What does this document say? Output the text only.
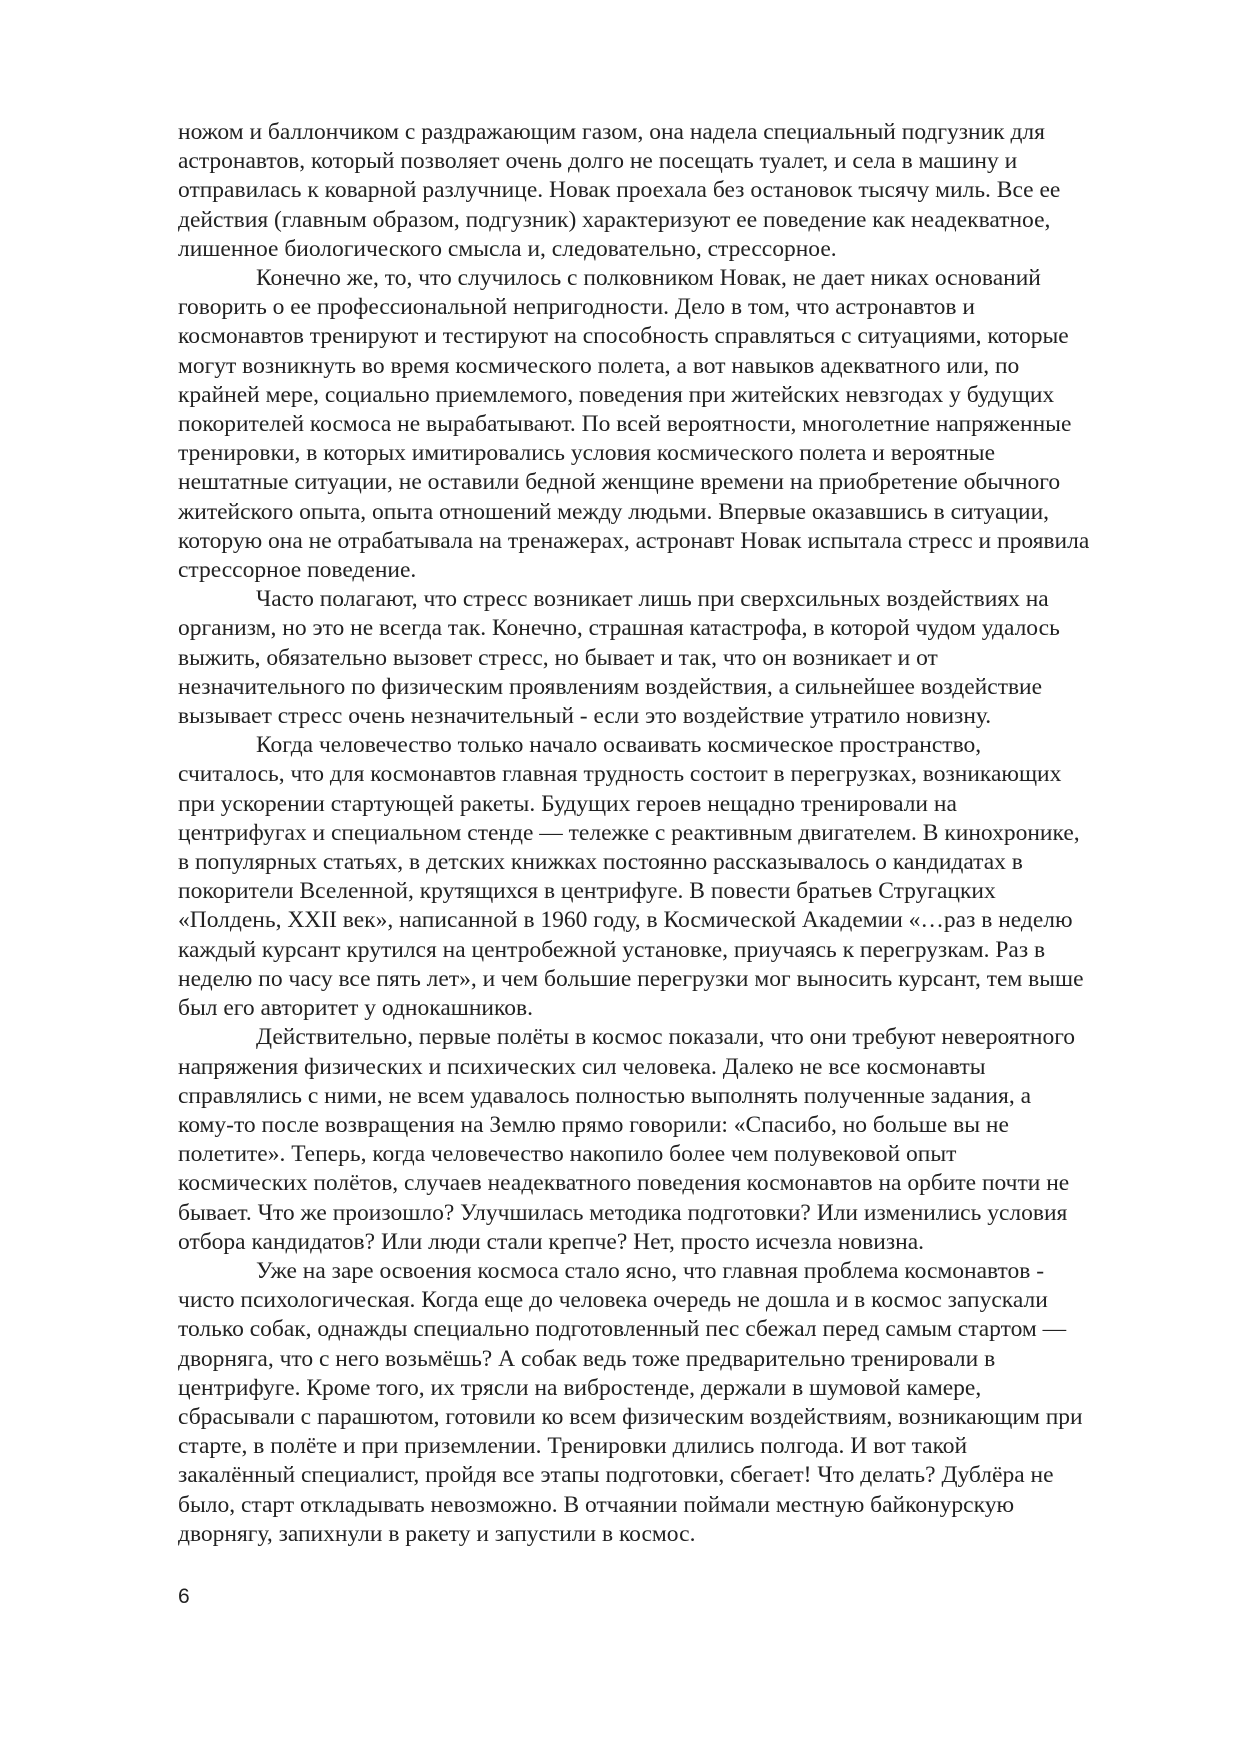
ножом и баллончиком с раздражающим газом, она надела специальный подгузник для
астронавтов, который позволяет очень долго не посещать туалет, и села в машину и
отправилась к коварной разлучнице. Новак проехала без остановок тысячу миль. Все ее
действия (главным образом, подгузник) характеризуют ее поведение как неадекватное,
лишенное биологического смысла и, следовательно, стрессорное.
Конечно же, то, что случилось с полковником Новак, не дает никах оснований
говорить о ее профессиональной непригодности. Дело в том, что астронавтов и
космонавтов тренируют и тестируют на способность справляться с ситуациями, которые
могут возникнуть во время космического полета, а вот навыков адекватного или, по
крайней мере, социально приемлемого, поведения при житейских невзгодах у будущих
покорителей космоса не вырабатывают. По всей вероятности, многолетние напряженные
тренировки, в которых имитировались условия космического полета и вероятные
нештатные ситуации, не оставили бедной женщине времени на приобретение обычного
житейского опыта, опыта отношений между людьми. Впервые оказавшись в ситуации,
которую она не отрабатывала на тренажерах, астронавт Новак испытала стресс и проявила
стрессорное поведение.
Часто полагают, что стресс возникает лишь при сверхсильных воздействиях на
организм, но это не всегда так. Конечно, страшная катастрофа, в которой чудом удалось
выжить, обязательно вызовет стресс, но бывает и так, что он возникает и от
незначительного по физическим проявлениям воздействия, а сильнейшее воздействие
вызывает стресс очень незначительный - если это воздействие утратило новизну.
Когда человечество только начало осваивать космическое пространство,
считалось, что для космонавтов главная трудность состоит в перегрузках, возникающих
при ускорении стартующей ракеты. Будущих героев нещадно тренировали на
центрифугах и специальном стенде — тележке с реактивным двигателем. В кинохронике,
в популярных статьях, в детских книжках постоянно рассказывалось о кандидатах в
покорители Вселенной, крутящихся в центрифуге. В повести братьев Стругацких
«Полдень, XXII век», написанной в 1960 году, в Космической Академии «…раз в неделю
каждый курсант крутился на центробежной установке, приучаясь к перегрузкам. Раз в
неделю по часу все пять лет», и чем бoльшие перегрузки мог выносить курсант, тем выше
был его авторитет у однокашников.
Действительно, первые полёты в космос показали, что они требуют невероятного
напряжения физических и психических сил человека. Далеко не все космонавты
справлялись с ними, не всем удавалось полностью выполнять полученные задания, а
кому-то после возвращения на Землю прямо говорили: «Спасибо, но больше вы не
полетите». Теперь, когда человечество накопило более чем полувековой опыт
космических полётов, случаев неадекватного поведения космонавтов на орбите почти не
бывает. Что же произошло? Улучшилась методика подготовки? Или изменились условия
отбора кандидатов? Или люди стали крепче? Нет, просто исчезла новизна.
Уже на заре освоения космоса стало ясно, что главная проблема космонавтов -
чисто психологическая. Когда еще до человека очередь не дошла и в космос запускали
только собак, однажды специально подготовленный пес сбежал перед самым стартом —
дворняга, что с него возьмёшь? А собак ведь тоже предварительно тренировали в
центрифуге. Кроме того, их трясли на вибростенде, держали в шумовой камере,
сбрасывали с парашютом, готовили ко всем физическим воздействиям, возникающим при
старте, в полёте и при приземлении. Тренировки длились полгода. И вот такой
закалённый специалист, пройдя все этапы подготовки, сбегает! Что делать? Дублёра не
было, старт откладывать невозможно. В отчаянии поймали местную байконурскую
дворнягу, запихнули в ракету и запустили в космос.
6
